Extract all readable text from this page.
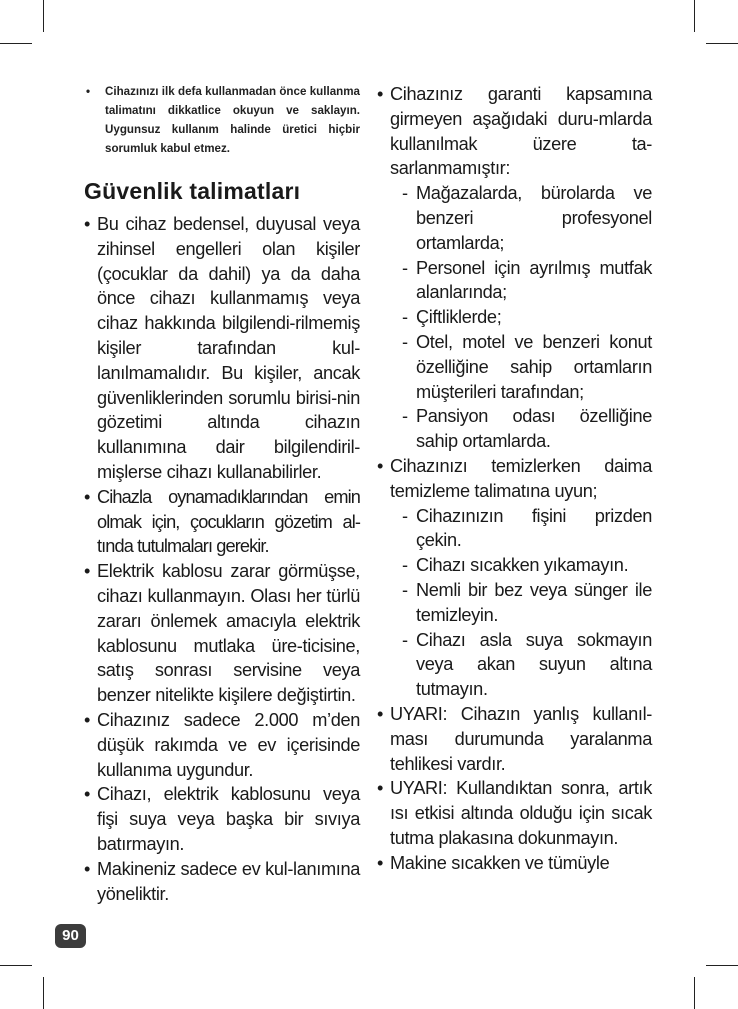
• Cihazınızı ilk defa kullanmadan önce kullanma talimatını dikkatlice okuyun ve saklayın. Uygunsuz kullanım halinde üretici hiçbir sorumluk kabul etmez.
Güvenlik talimatları
• Bu cihaz bedensel, duyusal veya zihinsel engelleri olan kişiler (çocuklar da dahil) ya da daha önce cihazı kullanmamış veya cihaz hakkında bilgilendi-rilmemiş kişiler tarafından kul-lanılmamalıdır. Bu kişiler, ancak güvenliklerinden sorumlu birisi-nin gözetimi altında cihazın kullanımına dair bilgilendiril-mişlerse cihazı kullanabilirler.
• Cihazla oynamadıklarından emin olmak için, çocukların gözetim al-tında tutulmaları gerekir.
• Elektrik kablosu zarar görmüşse, cihazı kullanmayın. Olası her türlü zararı önlemek amacıyla elektrik kablosunu mutlaka üre-ticisine, satış sonrası servisine veya benzer nitelikte kişilere değiştirtin.
• Cihazınız sadece 2.000 m’den düşük rakımda ve ev içerisinde kullanıma uygundur.
• Cihazı, elektrik kablosunu veya fişi suya veya başka bir sıvıya batırmayın.
• Makineniz sadece ev kul-lanımına yöneliktir.
• Cihazınız garanti kapsamına girmeyen aşağıdaki duru-mlarda kullanılmak üzere ta-sarlanmamıştır:
- Mağazalarda, bürolarda ve benzeri profesyonel ortamlarda;
- Personel için ayrılmış mutfak alanlarında;
- Çiftliklerde;
- Otel, motel ve benzeri konut özelliğine sahip ortamların müşterileri tarafından;
- Pansiyon odası özelliğine sahip ortamlarda.
• Cihazınızı temizlerken daima temizleme talimatına uyun;
- Cihazınızın fişini prizden çekin.
- Cihazı sıcakken yıkamayın.
- Nemli bir bez veya sünger ile temizleyin.
- Cihazı asla suya sokmayın veya akan suyun altına tutmayın.
• UYARI: Cihazın yanlış kullanıl-ması durumunda yaralanma tehlikesi vardır.
• UYARI: Kullandıktan sonra, artık ısı etkisi altında olduğu için sıcak tutma plakasına dokunmayın.
• Makine sıcakken ve tümüyle
90
